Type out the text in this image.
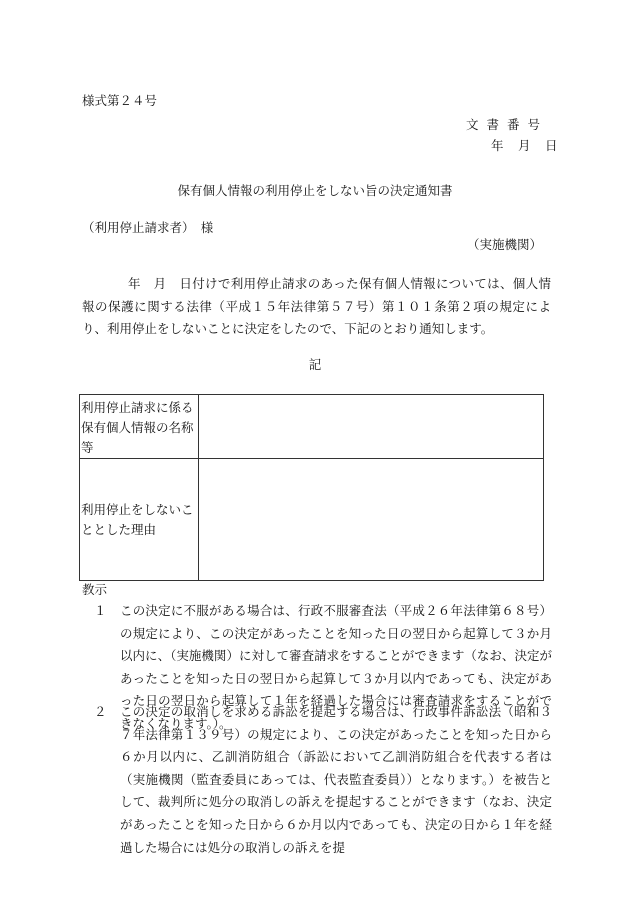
様式第２４号
文書番号
年　月　日
保有個人情報の利用停止をしない旨の決定通知書
（利用停止請求者）　様
（実施機関）
年　月　日付けで利用停止請求のあった保有個人情報については、個人情報の保護に関する法律（平成１５年法律第５７号）第１０１条第２項の規定により、利用停止をしないことに決定をしたので、下記のとおり通知します。
記
利用停止請求に係る保有個人情報の名称等	
利用停止をしないこととした理由	
教示
１	この決定に不服がある場合は、行政不服審査法（平成２６年法律第６８号）の規定により、この決定があったことを知った日の翌日から起算して３か月以内に、（実施機関）に対して審査請求をすることができます（なお、決定があったことを知った日の翌日から起算して３か月以内であっても、決定があった日の翌日から起算して１年を経過した場合には審査請求をすることができなくなります。）。
２	この決定の取消しを求める訴訟を提起する場合は、行政事件訴訟法（昭和３７年法律第１３９号）の規定により、この決定があったことを知った日から６か月以内に、乙訓消防組合（訴訟において乙訓消防組合を代表する者は（実施機関（監査委員にあっては、代表監査委員））となります。）を被告として、裁判所に処分の取消しの訴えを提起することができます（なお、決定があったことを知った日から６か月以内であっても、決定の日から１年を経過した場合には処分の取消しの訴えを提
